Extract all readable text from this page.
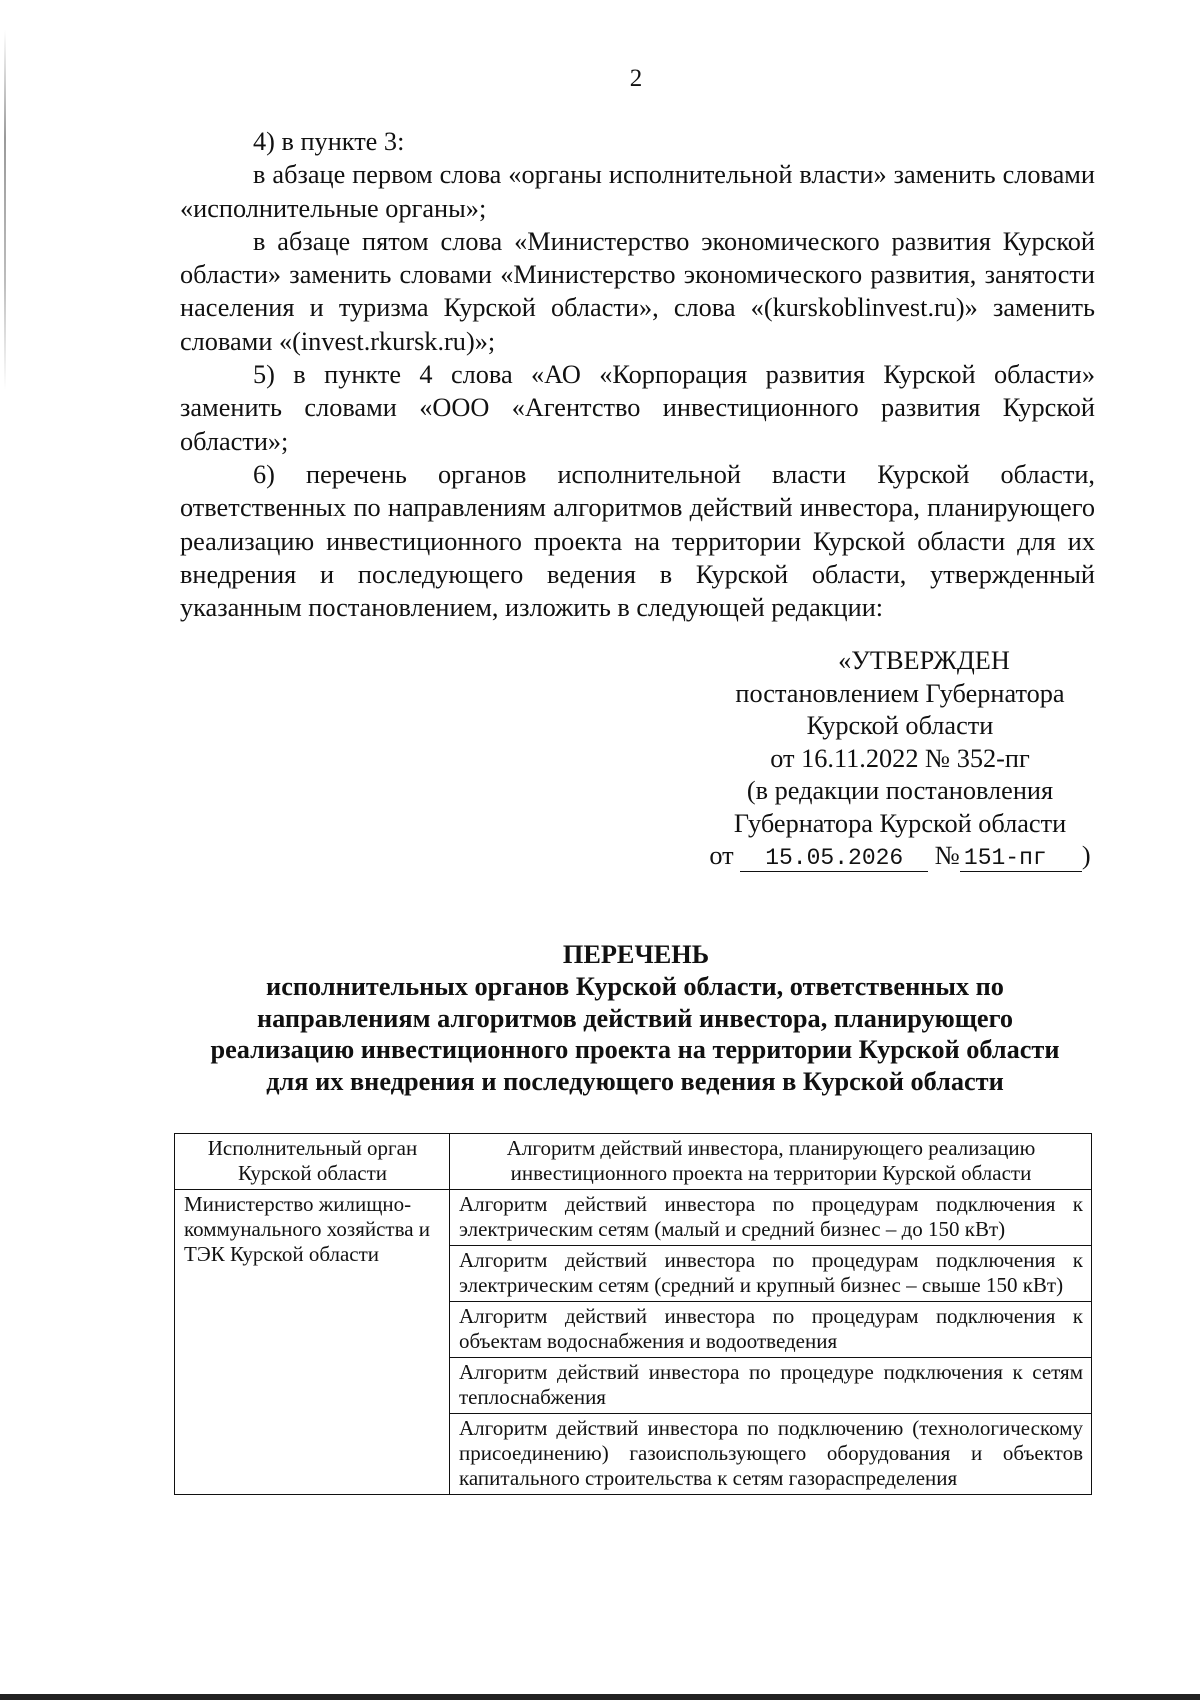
2

4) в пункте 3:

в абзаце первом слова «органы исполнительной власти» заменить словами «исполнительные органы»;

в абзаце пятом слова «Министерство экономического развития Курской области» заменить словами «Министерство экономического развития, занятости населения и туризма Курской области», слова «(kurskoblinvest.ru)» заменить словами «(invest.rkursk.ru)»;

5) в пункте 4 слова «АО «Корпорация развития Курской области» заменить словами «ООО «Агентство инвестиционного развития Курской области»;

6) перечень органов исполнительной власти Курской области, ответственных по направлениям алгоритмов действий инвестора, планирующего реализацию инвестиционного проекта на территории Курской области для их внедрения и последующего ведения в Курской области, утвержденный указанным постановлением, изложить в следующей редакции:

«УТВЕРЖДЕН
постановлением Губернатора
Курской области
от 16.11.2022 № 352-пг
(в редакции постановления
Губернатора Курской области
от 15.05.2026 № 151-пг )
ПЕРЕЧЕНЬ
исполнительных органов Курской области, ответственных по направлениям алгоритмов действий инвестора, планирующего реализацию инвестиционного проекта на территории Курской области для их внедрения и последующего ведения в Курской области
Исполнительный орган Курской области	Алгоритм действий инвестора, планирующего реализацию инвестиционного проекта на территории Курской области
Министерство жилищно-коммунального хозяйства и ТЭК Курской области	Алгоритм действий инвестора по процедурам подключения к электрическим сетям (малый и средний бизнес – до 150 кВт)
	Алгоритм действий инвестора по процедурам подключения к электрическим сетям (средний и крупный бизнес – свыше 150 кВт)
	Алгоритм действий инвестора по процедурам подключения к объектам водоснабжения и водоотведения
	Алгоритм действий инвестора по процедуре подключения к сетям теплоснабжения
	Алгоритм действий инвестора по подключению (технологическому присоединению) газоиспользующего оборудования и объектов капитального строительства к сетям газораспределения
